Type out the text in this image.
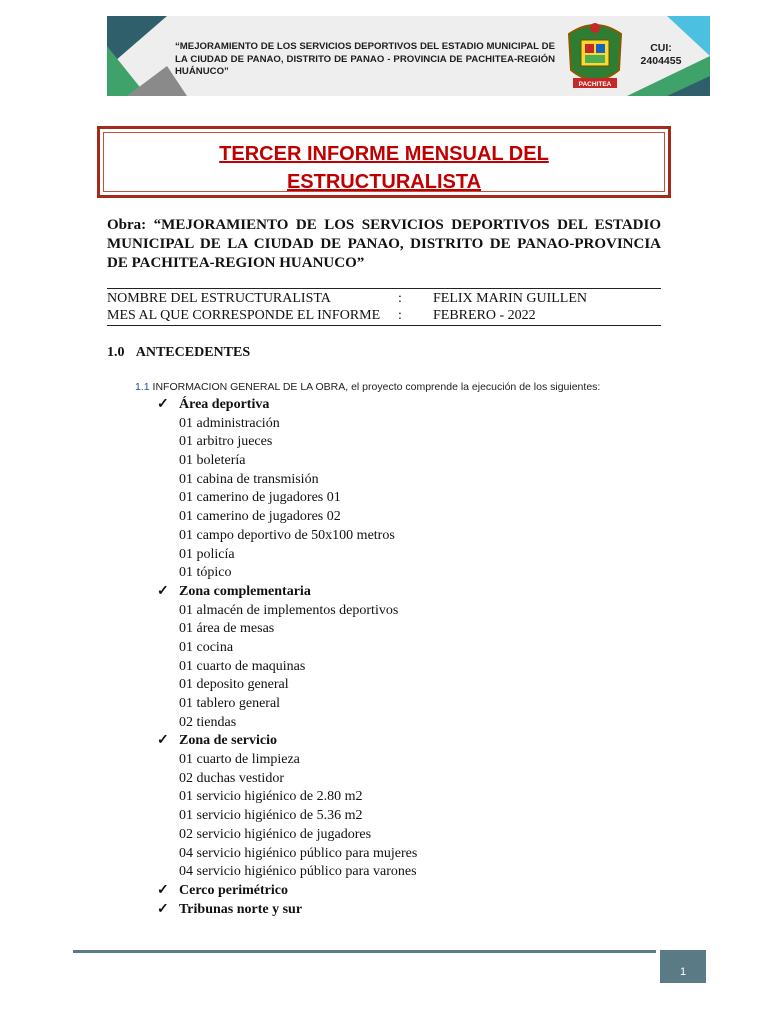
“MEJORAMIENTO DE LOS SERVICIOS DEPORTIVOS DEL ESTADIO MUNICIPAL DE LA CIUDAD DE PANAO, DISTRITO DE PANAO - PROVINCIA DE PACHITEA-REGIÓN HUÁNUCO”
PACHITEA
CUI:
2404455
TERCER INFORME MENSUAL DEL
ESTRUCTURALISTA
Obra: “MEJORAMIENTO DE LOS SERVICIOS DEPORTIVOS DEL ESTADIO MUNICIPAL DE LA CIUDAD DE PANAO, DISTRITO DE PANAO-PROVINCIA DE PACHITEA-REGION HUANUCO”
NOMBRE DEL ESTRUCTURALISTA	: FELIX MARIN GUILLEN
MES AL QUE CORRESPONDE EL INFORME : FEBRERO - 2022
1.0 ANTECEDENTES
1.1 INFORMACION GENERAL DE LA OBRA, el proyecto comprende la ejecución de los siguientes:
✓ Área deportiva
01 administración
01 arbitro jueces
01 boletería
01 cabina de transmisión
01 camerino de jugadores 01
01 camerino de jugadores 02
01 campo deportivo de 50x100 metros
01 policía
01 tópico
✓ Zona complementaria
01 almacén de implementos deportivos
01 área de mesas
01 cocina
01 cuarto de maquinas
01 deposito general
01 tablero general
02 tiendas
✓ Zona de servicio
01 cuarto de limpieza
02 duchas vestidor
01 servicio higiénico de 2.80 m2
01 servicio higiénico de 5.36 m2
02 servicio higiénico de jugadores
04 servicio higiénico público para mujeres
04 servicio higiénico público para varones
✓ Cerco perimétrico
✓ Tribunas norte y sur
1
